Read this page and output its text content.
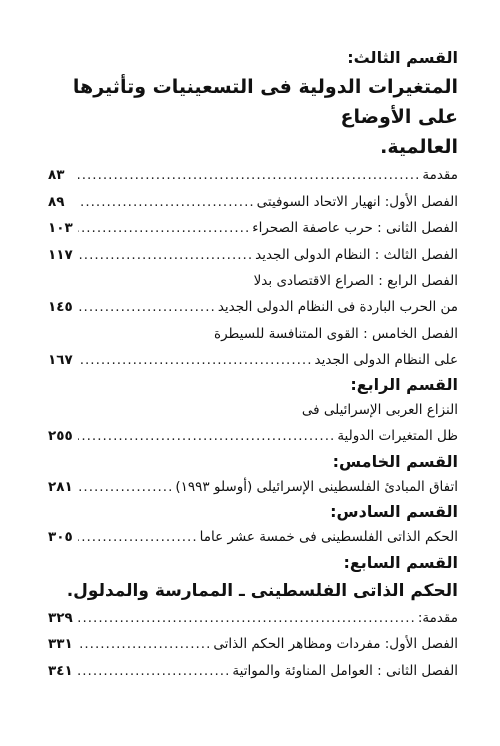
القسم الثالث:
المتغيرات الدولية فى التسعينيات وتأثيرها على الأوضاع
العالمية.
مقدمة
.....
٨٣
الفصل الأول: انهيار الاتحاد السوفيتى
.....
٨٩
الفصل الثانى : حرب عاصفة الصحراء
.....
١٠٣
الفصل الثالث : النظام الدولى الجديد
.....
١١٧
الفصل الرابع : الصراع الاقتصادى بدلا
من الحرب الباردة فى النظام الدولى الجديد
.....
١٤٥
الفصل الخامس : القوى المتنافسة للسيطرة
على النظام الدولى الجديد
.....
١٦٧
القسم الرابع:
النزاع العربى الإسرائيلى فى
ظل المتغيرات الدولية
.....
٢٥٥
القسم الخامس:
اتفاق المبادئ الفلسطينى الإسرائيلى (أوسلو ١٩٩٣)
.....
٢٨١
القسم السادس:
الحكم الذاتى الفلسطينى فى خمسة عشر عاما
.....
٣٠٥
القسم السابع:
الحكم الذاتى الفلسطينى ـ الممارسة والمدلول.
مقدمة:
.....
٣٢٩
الفصل الأول: مفردات ومظاهر الحكم الذاتى
.....
٣٣١
الفصل الثانى : العوامل المناوئة والمواتية
.....
٣٤١
